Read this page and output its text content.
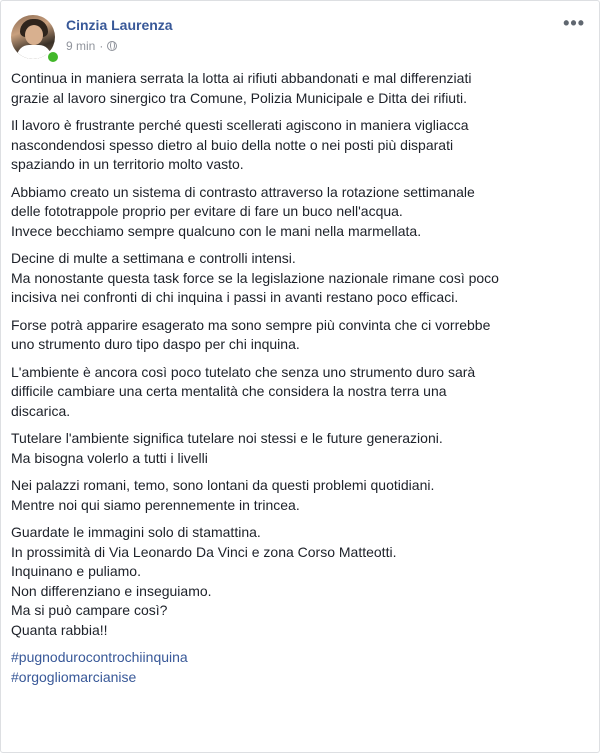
Cinzia Laurenza
9 min ·
•••
Continua in maniera serrata la lotta ai rifiuti abbandonati e mal differenziati
grazie al lavoro sinergico tra Comune, Polizia Municipale e Ditta dei rifiuti.
Il lavoro è frustrante perché questi scellerati agiscono in maniera vigliacca
nascondendosi spesso dietro al buio della notte o nei posti più disparati
spaziando in un territorio molto vasto.
Abbiamo creato un sistema di contrasto attraverso la rotazione settimanale
delle fototrappole proprio per evitare di fare un buco nell'acqua.
Invece becchiamo sempre qualcuno con le mani nella marmellata.
Decine di multe a settimana e controlli intensi.
Ma nonostante questa task force se la legislazione nazionale rimane così poco
incisiva nei confronti di chi inquina i passi in avanti restano poco efficaci.
Forse potrà apparire esagerato ma sono sempre più convinta che ci vorrebbe
uno strumento duro tipo daspo per chi inquina.
L'ambiente è ancora così poco tutelato che senza uno strumento duro sarà
difficile cambiare una certa mentalità che considera la nostra terra una
discarica.
Tutelare l'ambiente significa tutelare noi stessi e le future generazioni.
Ma bisogna volerlo a tutti i livelli
Nei palazzi romani, temo, sono lontani da questi problemi quotidiani.
Mentre noi qui siamo perennemente in trincea.
Guardate le immagini solo di stamattina.
In prossimità di Via Leonardo Da Vinci e zona Corso Matteotti.
Inquinano e puliamo.
Non differenziano e inseguiamo.
Ma si può campare così?
Quanta rabbia!!
#pugnodurocontrochiinquina
#orgogliomarcianise
